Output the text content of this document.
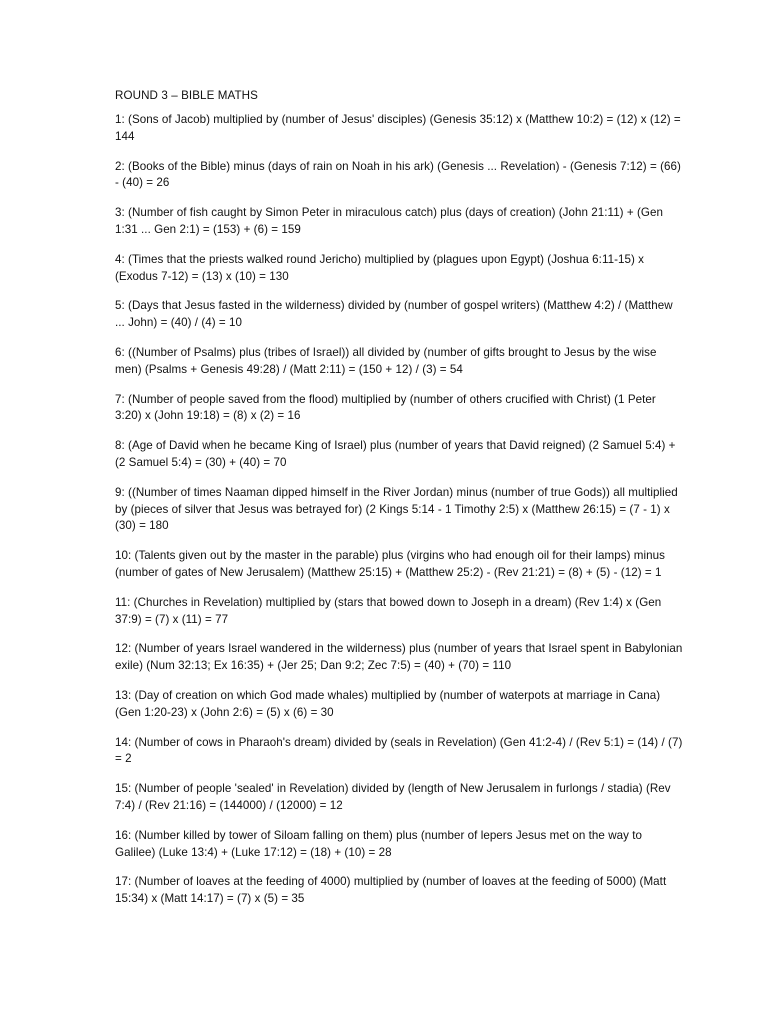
ROUND 3 – BIBLE MATHS

1: (Sons of Jacob) multiplied by (number of Jesus' disciples) (Genesis 35:12) x (Matthew 10:2) = (12) x (12) = 144

2: (Books of the Bible) minus (days of rain on Noah in his ark) (Genesis ... Revelation) - (Genesis 7:12) = (66) - (40) = 26

3: (Number of fish caught by Simon Peter in miraculous catch) plus (days of creation) (John 21:11) + (Gen 1:31 ... Gen 2:1) = (153) + (6) = 159

4: (Times that the priests walked round Jericho) multiplied by (plagues upon Egypt) (Joshua 6:11-15) x (Exodus 7-12) = (13) x (10) = 130

5: (Days that Jesus fasted in the wilderness) divided by (number of gospel writers) (Matthew 4:2) / (Matthew ... John) = (40) / (4) = 10

6: ((Number of Psalms) plus (tribes of Israel)) all divided by (number of gifts brought to Jesus by the wise men) (Psalms + Genesis 49:28) / (Matt 2:11) = (150 + 12) / (3) = 54

7: (Number of people saved from the flood) multiplied by (number of others crucified with Christ) (1 Peter 3:20) x (John 19:18) = (8) x (2) = 16

8: (Age of David when he became King of Israel) plus (number of years that David reigned) (2 Samuel 5:4) + (2 Samuel 5:4) = (30) + (40) = 70

9: ((Number of times Naaman dipped himself in the River Jordan) minus (number of true Gods)) all multiplied by (pieces of silver that Jesus was betrayed for) (2 Kings 5:14 - 1 Timothy 2:5) x (Matthew 26:15) = (7 - 1) x (30) = 180

10: (Talents given out by the master in the parable) plus (virgins who had enough oil for their lamps) minus (number of gates of New Jerusalem) (Matthew 25:15) + (Matthew 25:2) - (Rev 21:21) = (8) + (5) - (12) = 1

11: (Churches in Revelation) multiplied by (stars that bowed down to Joseph in a dream) (Rev 1:4) x (Gen 37:9) = (7) x (11) = 77

12: (Number of years Israel wandered in the wilderness) plus (number of years that Israel spent in Babylonian exile) (Num 32:13; Ex 16:35) + (Jer 25; Dan 9:2; Zec 7:5) = (40) + (70) = 110

13: (Day of creation on which God made whales) multiplied by (number of waterpots at marriage in Cana) (Gen 1:20-23) x (John 2:6) = (5) x (6) = 30

14: (Number of cows in Pharaoh's dream) divided by (seals in Revelation) (Gen 41:2-4) / (Rev 5:1) = (14) / (7) = 2

15: (Number of people 'sealed' in Revelation) divided by (length of New Jerusalem in furlongs / stadia) (Rev 7:4) / (Rev 21:16) = (144000) / (12000) = 12

16: (Number killed by tower of Siloam falling on them) plus (number of lepers Jesus met on the way to Galilee) (Luke 13:4) + (Luke 17:12) = (18) + (10) = 28

17: (Number of loaves at the feeding of 4000) multiplied by (number of loaves at the feeding of 5000) (Matt 15:34) x (Matt 14:17) = (7) x (5) = 35
